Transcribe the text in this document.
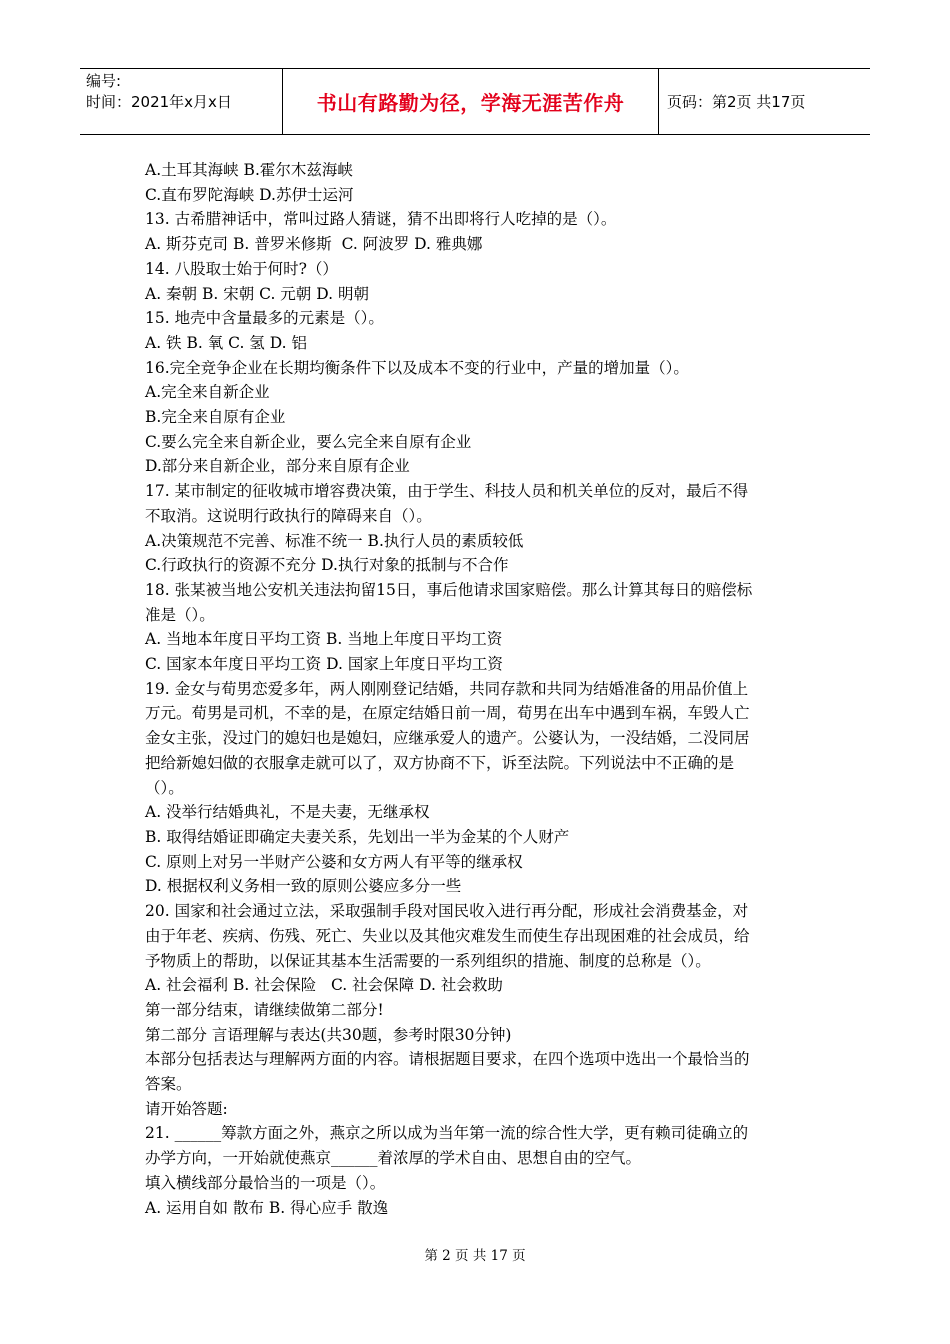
编号:
时间：2021年x月x日	书山有路勤为径，学海无涯苦作舟	页码：第2页 共17页
A.土耳其海峡 B.霍尔木兹海峡
C.直布罗陀海峡 D.苏伊士运河
13. 古希腊神话中，常叫过路人猜谜，猜不出即将行人吃掉的是（）。
A. 斯芬克司 B. 普罗米修斯  C. 阿波罗 D. 雅典娜
14. 八股取士始于何时?（）
A. 秦朝 B. 宋朝 C. 元朝 D. 明朝
15. 地壳中含量最多的元素是（）。
A. 铁 B. 氧 C. 氢 D. 铝
16.完全竞争企业在长期均衡条件下以及成本不变的行业中，产量的增加量（）。
A.完全来自新企业
B.完全来自原有企业
C.要么完全来自新企业，要么完全来自原有企业
D.部分来自新企业，部分来自原有企业
17. 某市制定的征收城市增容费决策，由于学生、科技人员和机关单位的反对，最后不得
不取消。这说明行政执行的障碍来自（）。
A.决策规范不完善、标准不统一 B.执行人员的素质较低
C.行政执行的资源不充分 D.执行对象的抵制与不合作
18. 张某被当地公安机关违法拘留15日，事后他请求国家赔偿。那么计算其每日的赔偿标
准是（）。
A. 当地本年度日平均工资 B. 当地上年度日平均工资
C. 国家本年度日平均工资 D. 国家上年度日平均工资
19. 金女与荀男恋爱多年，两人刚刚登记结婚，共同存款和共同为结婚准备的用品价值上
万元。荀男是司机，不幸的是，在原定结婚日前一周，荀男在出车中遇到车祸，车毁人亡
金女主张，没过门的媳妇也是媳妇，应继承爱人的遗产。公婆认为，一没结婚，二没同居
把给新媳妇做的衣服拿走就可以了，双方协商不下，诉至法院。下列说法中不正确的是
（）。
A. 没举行结婚典礼，不是夫妻，无继承权
B. 取得结婚证即确定夫妻关系，先划出一半为金某的个人财产
C. 原则上对另一半财产公婆和女方两人有平等的继承权
D. 根据权利义务相一致的原则公婆应多分一些
20. 国家和社会通过立法，采取强制手段对国民收入进行再分配，形成社会消费基金，对
由于年老、疾病、伤残、死亡、失业以及其他灾难发生而使生存出现困难的社会成员，给
予物质上的帮助，以保证其基本生活需要的一系列组织的措施、制度的总称是（）。
A. 社会福利 B. 社会保险   C. 社会保障 D. 社会救助
第一部分结束，请继续做第二部分!
第二部分 言语理解与表达(共30题，参考时限30分钟)
本部分包括表达与理解两方面的内容。请根据题目要求，在四个选项中选出一个最恰当的
答案。
请开始答题:
21. ______筹款方面之外，燕京之所以成为当年第一流的综合性大学，更有赖司徒确立的
办学方向，一开始就使燕京______着浓厚的学术自由、思想自由的空气。
填入横线部分最恰当的一项是（）。
A. 运用自如 散布 B. 得心应手 散逸
第 2 页 共 17 页
